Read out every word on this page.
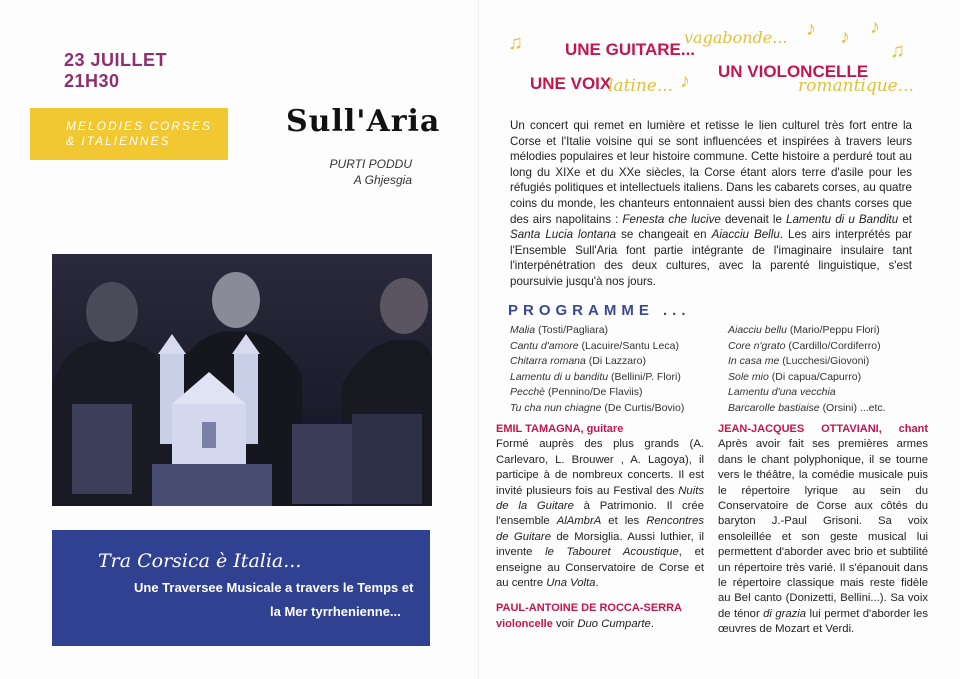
23 JUILLET
21H30
MELODIES CORSES
& ITALIENNES
Sull'Aria
PURTI PODDU
A Ghjesgia
Tra Corsica è Italia...
Une Traversee Musicale a travers le Temps et
la Mer tyrrhenienne...
♫ UNE GUITARE...
vagabonde... ♪ ♪ ♪
♫
UNE VOIX
latine... ♪ UN VIOLONCELLE
romantique...
Un concert qui remet en lumière et retisse le lien culturel très fort entre la Corse et l'Italie voisine qui se sont influencées et inspirées à travers leurs mélodies populaires et leur histoire commune. Cette histoire a perduré tout au long du XIXe et du XXe siècles, la Corse étant alors terre d'asile pour les réfugiés politiques et intellectuels italiens. Dans les cabarets corses, au quatre coins du monde, les chanteurs entonnaient aussi bien des chants corses que des airs napolitains : Fenesta che lucive devenait le Lamentu di u Banditu et Santa Lucia lontana se changeait en Aiacciu Bellu. Les airs interprétés par l'Ensemble Sull'Aria font partie intégrante de l'imaginaire insulaire tant l'interpénétration des deux cultures, avec la parenté linguistique, s'est poursuivie jusqu'à nos jours.
PROGRAMME ...
Malia (Tosti/Pagliara)
Cantu d'amore (Lacuire/Santu Leca)
Chitarra romana (Di Lazzaro)
Lamentu di u banditu (Bellini/P. Flori)
Pecchè (Pennino/De Flaviis)
Tu cha nun chiagne (De Curtis/Bovio)
Aiacciu bellu (Mario/Peppu Flori)
Core n'grato (Cardillo/Cordiferro)
In casa me (Lucchesi/Giovoni)
Sole mio (Di capua/Capurro)
Lamentu d'una vecchia
Barcarolle bastiaise (Orsini) ...etc.
EMIL TAMAGNA, guitare

Formé auprès des plus grands (A. Carlevaro, L. Brouwer , A. Lagoya), il participe à de nombreux concerts. Il est invité plusieurs fois au Festival des Nuits de la Guitare à Patrimonio. Il crée l'ensemble AlAmbrA et les Rencontres de Guitare de Morsiglia. Aussi luthier, il invente le Tabouret Acoustique, et enseigne au Conservatoire de Corse et au centre Una Volta.

PAUL-ANTOINE DE ROCCA-SERRA

violoncelle voir Duo Cumparte.

JEAN-JACQUES OTTAVIANI, chant Après avoir fait ses premières armes dans le chant polyphonique, il se tourne vers le théâtre, la comédie musicale puis le répertoire lyrique au sein du Conservatoire de Corse aux côtés du baryton J.-Paul Grisoni. Sa voix ensoleillée et son geste musical lui permettent d'aborder avec brio et subtilité un répertoire très varié. Il s'épanouit dans le répertoire classique mais reste fidèle au Bel canto (Donizetti, Bellini...). Sa voix de ténor di grazia lui permet d'aborder les œuvres de Mozart et Verdi.
